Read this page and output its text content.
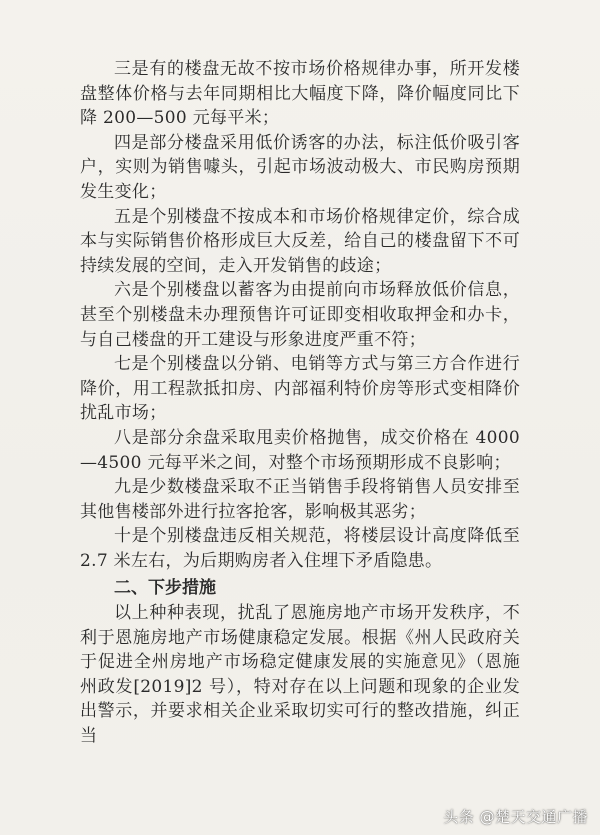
三是有的楼盘无故不按市场价格规律办事，所开发楼盘整体价格与去年同期相比大幅度下降，降价幅度同比下降 200—500 元每平米；

四是部分楼盘采用低价诱客的办法，标注低价吸引客户，实则为销售噱头，引起市场波动极大、市民购房预期发生变化；

五是个别楼盘不按成本和市场价格规律定价，综合成本与实际销售价格形成巨大反差，给自己的楼盘留下不可持续发展的空间，走入开发销售的歧途；

六是个别楼盘以蓄客为由提前向市场释放低价信息，甚至个别楼盘未办理预售许可证即变相收取押金和办卡，与自己楼盘的开工建设与形象进度严重不符；

七是个别楼盘以分销、电销等方式与第三方合作进行降价，用工程款抵扣房、内部福利特价房等形式变相降价扰乱市场；

八是部分余盘采取甩卖价格抛售，成交价格在 4000—4500 元每平米之间，对整个市场预期形成不良影响；

九是少数楼盘采取不正当销售手段将销售人员安排至其他售楼部外进行拉客抢客，影响极其恶劣；

十是个别楼盘违反相关规范，将楼层设计高度降低至 2.7 米左右，为后期购房者入住埋下矛盾隐患。

二、下步措施

以上种种表现，扰乱了恩施房地产市场开发秩序，不利于恩施房地产市场健康稳定发展。根据《州人民政府关于促进全州房地产市场稳定健康发展的实施意见》（恩施州政发[2019]2 号），特对存在以上问题和现象的企业发出警示，并要求相关企业采取切实可行的整改措施，纠正当

头条 @楚天交通广播
